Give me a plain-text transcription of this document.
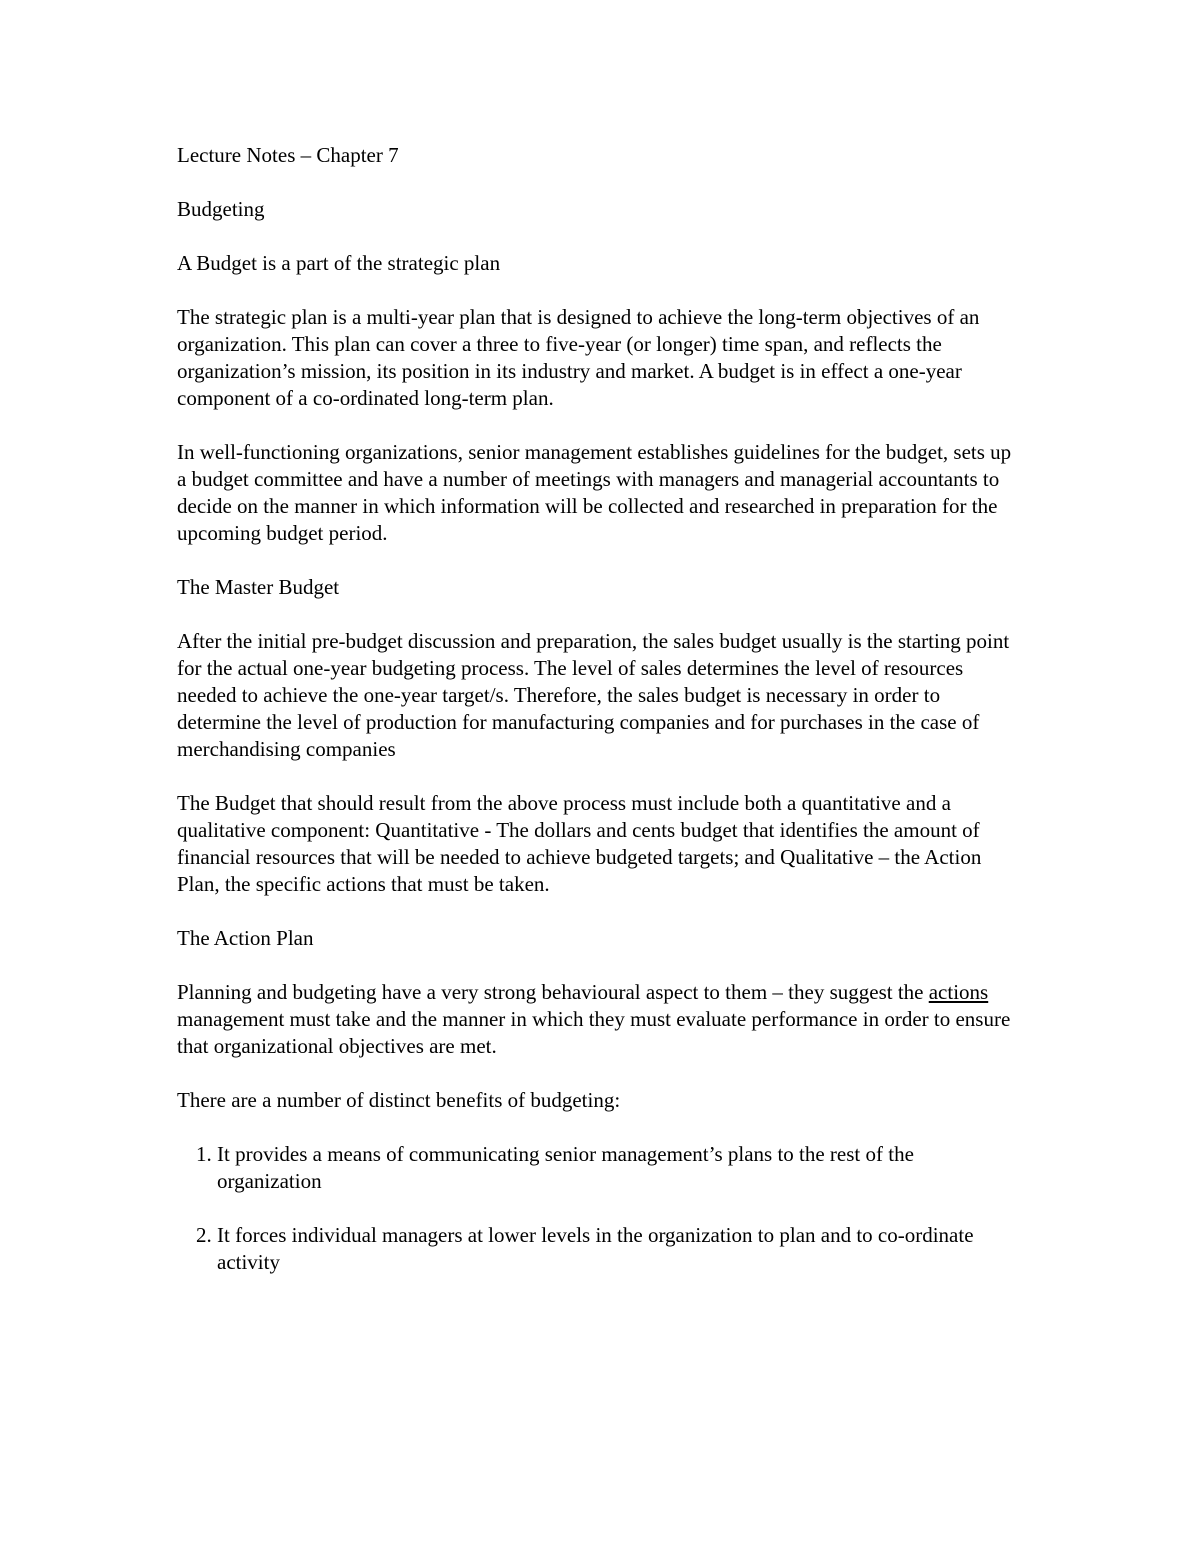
Lecture Notes – Chapter 7

Budgeting

A Budget is a part of the strategic plan

The strategic plan is a multi-year plan that is designed to achieve the long-term objectives of an organization. This plan can cover a three to five-year (or longer) time span, and reflects the organization’s mission, its position in its industry and market. A budget is in effect a one-year component of a co-ordinated long-term plan.

In well-functioning organizations, senior management establishes guidelines for the budget, sets up a budget committee and have a number of meetings with managers and managerial accountants to decide on the manner in which information will be collected and researched in preparation for the upcoming budget period.

The Master Budget

After the initial pre-budget discussion and preparation, the sales budget usually is the starting point for the actual one-year budgeting process. The level of sales determines the level of resources needed to achieve the one-year target/s. Therefore, the sales budget is necessary in order to determine the level of production for manufacturing companies and for purchases in the case of merchandising companies

The Budget that should result from the above process must include both a quantitative and a qualitative component: Quantitative - The dollars and cents budget that identifies the amount of financial resources that will be needed to achieve budgeted targets; and Qualitative – the Action Plan, the specific actions that must be taken.

The Action Plan

Planning and budgeting have a very strong behavioural aspect to them – they suggest the actions management must take and the manner in which they must evaluate performance in order to ensure that organizational objectives are met.

There are a number of distinct benefits of budgeting:

1. It provides a means of communicating senior management’s plans to the rest of the organization
2. It forces individual managers at lower levels in the organization to plan and to co-ordinate activity
